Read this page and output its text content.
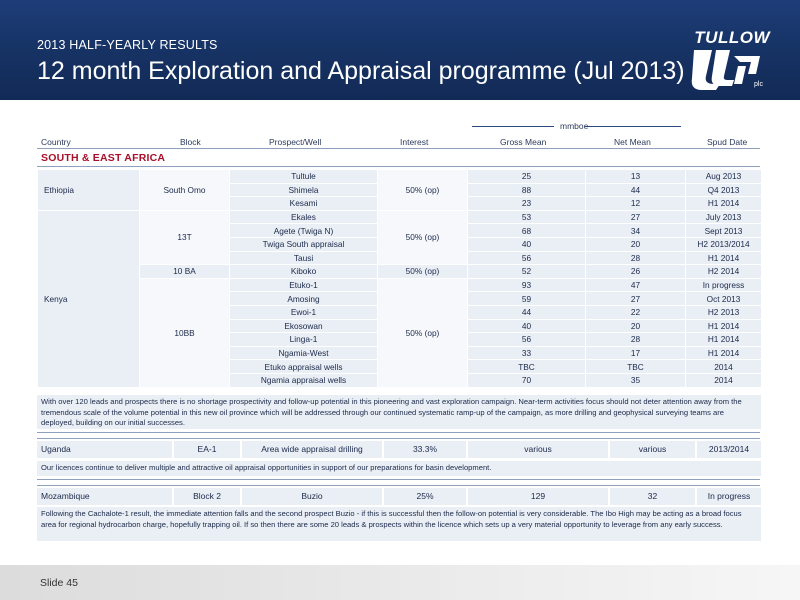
2013 HALF-YEARLY RESULTS
12 month Exploration and Appraisal programme (Jul 2013)
TULLOW
plc
mmboe
Country	Block	Prospect/Well	Interest	Gross Mean	Net Mean	Spud Date
SOUTH & EAST AFRICA
Ethiopia	South Omo	Tultule	50% (op)	25	13	Aug 2013
		Shimela		88	44	Q4 2013
		Kesami		23	12	H1 2014
Kenya	13T	Ekales	50% (op)	53	27	July 2013
		Agete (Twiga N)		68	34	Sept 2013
		Twiga South appraisal		40	20	H2 2013/2014
		Tausi		56	28	H1 2014
	10 BA	Kiboko	50% (op)	52	26	H2 2014
	10BB	Etuko-1	50% (op)	93	47	In progress
		Amosing		59	27	Oct 2013
		Ewoi-1		44	22	H2 2013
		Ekosowan		40	20	H1 2014
		Linga-1		56	28	H1 2014
		Ngamia-West		33	17	H1 2014
		Etuko appraisal wells		TBC	TBC	2014
		Ngamia appraisal wells		70	35	2014
With over 120 leads and prospects there is no shortage prospectivity and follow-up potential in this pioneering and vast exploration campaign. Near-term activities focus should not deter attention away from the tremendous scale of the volume potential in this new oil province which will be addressed through our continued systematic ramp-up of the campaign, as more drilling and geophysical surveying teams are deployed, building on our initial successes.
Uganda	EA-1	Area wide appraisal drilling	33.3%	various	various	2013/2014
Our licences continue to deliver multiple and attractive oil appraisal opportunities in support of our preparations for basin development.
Mozambique	Block 2	Buzio	25%	129	32	In progress
Following the Cachalote-1 result, the immediate attention falls and the second prospect Buzio - if this is successful then the follow-on potential is very considerable. The Ibo High may be acting as a broad focus area for regional hydrocarbon charge, hopefully trapping oil. If so then there are some 20 leads & prospects within the licence which sets up a very material opportunity to leverage from any early success.
Slide 45
